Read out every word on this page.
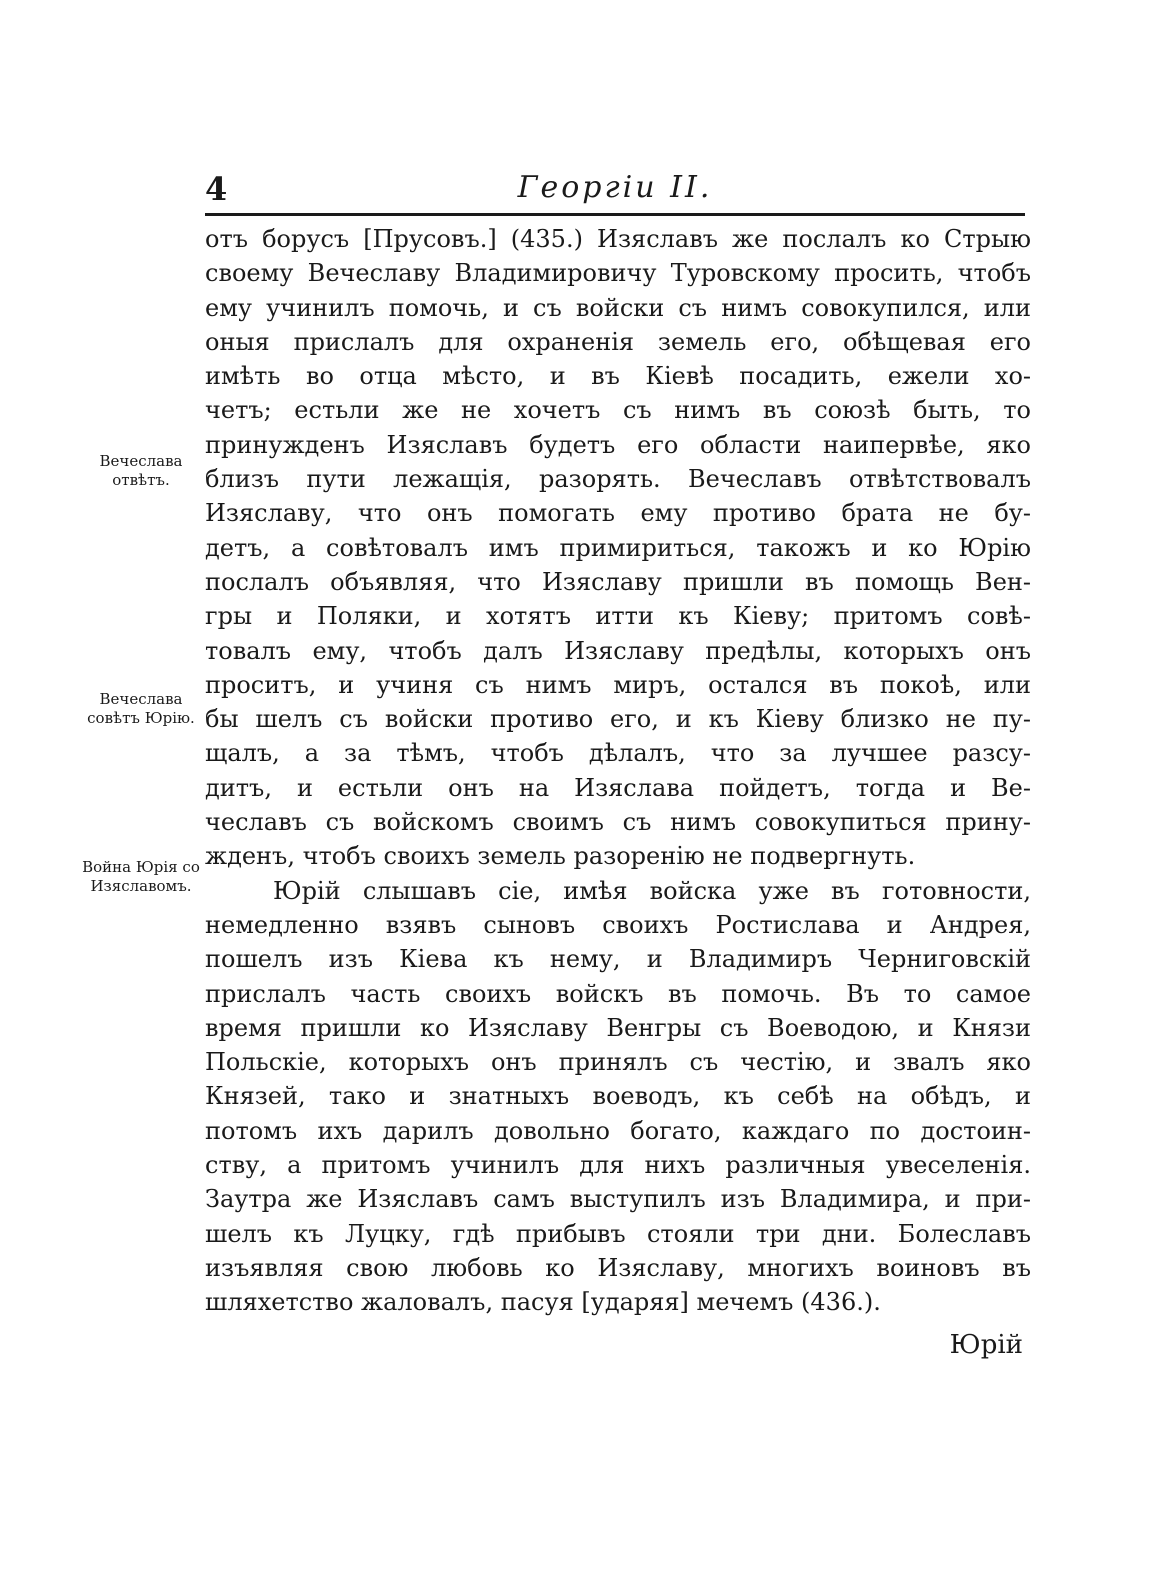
4	Георгiи II.
отъ борусъ [Прусовъ.] (435.) Изяславъ же послалъ ко Стрыю
своему Вечеславу Владимировичу Туровскому просить, чтобъ
ему учинилъ помочь, и съ войски съ нимъ совокупился, или
оныя прислалъ для охраненiя земель его, обѣщевая его
имѣть во отца мѣсто, и въ Кiевѣ посадить, ежели хо-
четъ; естьли же не хочетъ съ нимъ въ союзѣ быть, то
принужденъ Изяславъ будетъ его области наипервѣе, яко
близъ пути лежащiя, разорять. Вечеславъ отвѣтствовалъ
Изяславу, что онъ помогать ему противо брата не бу-
детъ, а совѣтовалъ имъ примириться, такожъ и ко Юрiю
послалъ объявляя, что Изяславу пришли въ помощь Вен-
гры и Поляки, и хотятъ итти къ Кiеву; притомъ совѣ-
товалъ ему, чтобъ далъ Изяславу предѣлы, которыхъ онъ
проситъ, и учиня съ нимъ миръ, остался въ покоѣ, или
бы шелъ съ войски противо его, и къ Кiеву близко не пу-
щалъ, а за тѣмъ, чтобъ дѣлалъ, что за лучшее разсу-
дитъ, и естьли онъ на Изяслава пойдетъ, тогда и Ве-
чеславъ съ войскомъ своимъ съ нимъ совокупиться прину-
жденъ, чтобъ своихъ земель разоренiю не подвергнуть.
Юрiй слышавъ сiе, имѣя войска уже въ готовности,
немедленно взявъ сыновъ своихъ Ростислава и Андрея,
пошелъ изъ Кiева къ нему, и Владимиръ Черниговскiй
прислалъ часть своихъ войскъ въ помочь. Въ то самое
время пришли ко Изяславу Венгры съ Воеводою, и Князи
Польскiе, которыхъ онъ принялъ съ честiю, и звалъ яко
Князей, тако и знатныхъ воеводъ, къ себѣ на обѣдъ, и
потомъ ихъ дарилъ довольно богато, каждаго по достоин-
ству, а притомъ учинилъ для нихъ различныя увеселенiя.
Заутра же Изяславъ самъ выступилъ изъ Владимира, и при-
шелъ къ Луцку, гдѣ прибывъ стояли три дни. Болеславъ
изъявляя свою любовь ко Изяславу, многихъ воиновъ въ
шляхетство жаловалъ, пасуя [ударяя] мечемъ (436.).
Вечеслава отвѣтъ.
Вечеслава совѣтъ Юрiю.
Война Юрiя со Изяславомъ.
Юрiй
